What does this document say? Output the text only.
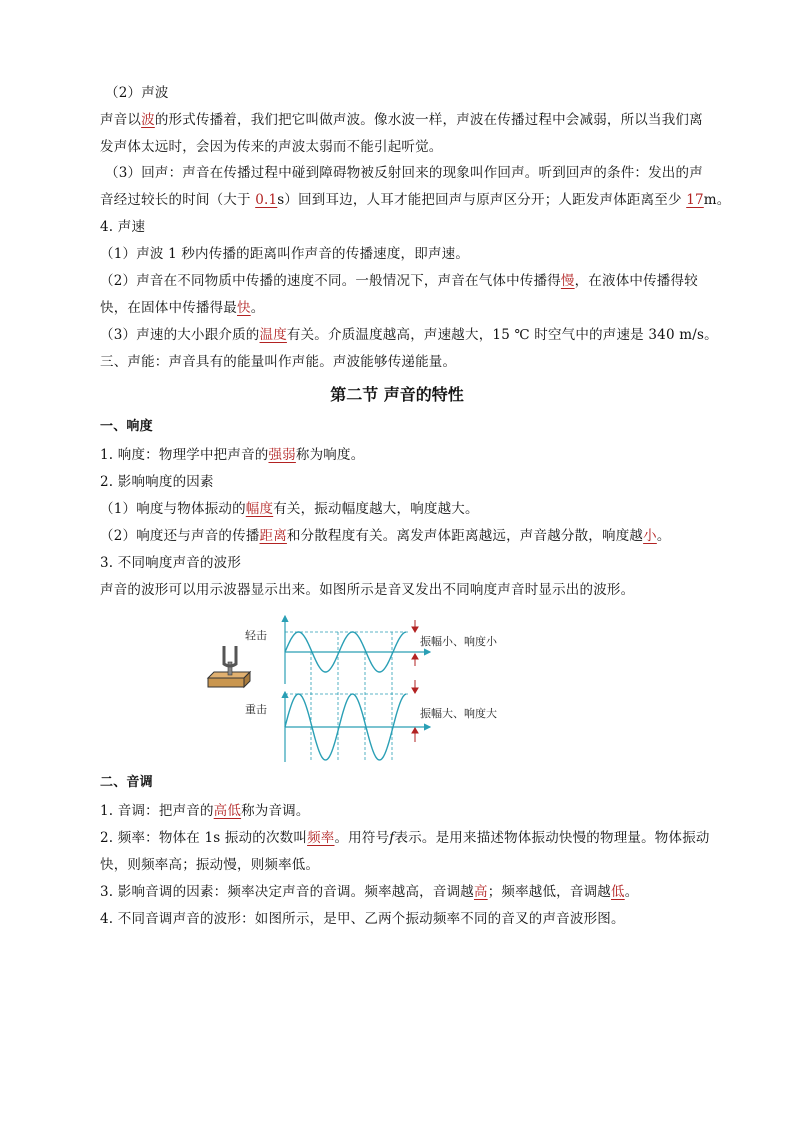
（2）声波
声音以波的形式传播着，我们把它叫做声波。像水波一样，声波在传播过程中会减弱，所以当我们离
发声体太远时，会因为传来的声波太弱而不能引起听觉。
（3）回声：声音在传播过程中碰到障碍物被反射回来的现象叫作回声。听到回声的条件：发出的声
音经过较长的时间（大于 0.1s）回到耳边，人耳才能把回声与原声区分开；人距发声体距离至少 17m。
4. 声速
（1）声波 1 秒内传播的距离叫作声音的传播速度，即声速。
（2）声音在不同物质中传播的速度不同。一般情况下，声音在气体中传播得慢，在液体中传播得较
快，在固体中传播得最快。
（3）声速的大小跟介质的温度有关。介质温度越高，声速越大，15 ℃ 时空气中的声速是 340 m/s。
三、声能：声音具有的能量叫作声能。声波能够传递能量。
第二节 声音的特性
一、响度
1. 响度：物理学中把声音的强弱称为响度。
2. 影响响度的因素
（1）响度与物体振动的幅度有关，振动幅度越大，响度越大。
（2）响度还与声音的传播距离和分散程度有关。离发声体距离越远，声音越分散，响度越小。
3. 不同响度声音的波形
声音的波形可以用示波器显示出来。如图所示是音叉发出不同响度声音时显示出的波形。
轻击
重击
振幅小、响度小
振幅大、响度大
二、音调
1. 音调：把声音的高低称为音调。
2. 频率：物体在 1s 振动的次数叫频率。用符号f表示。是用来描述物体振动快慢的物理量。物体振动
快，则频率高；振动慢，则频率低。
3. 影响音调的因素：频率决定声音的音调。频率越高，音调越高；频率越低，音调越低。
4. 不同音调声音的波形：如图所示，是甲、乙两个振动频率不同的音叉的声音波形图。
